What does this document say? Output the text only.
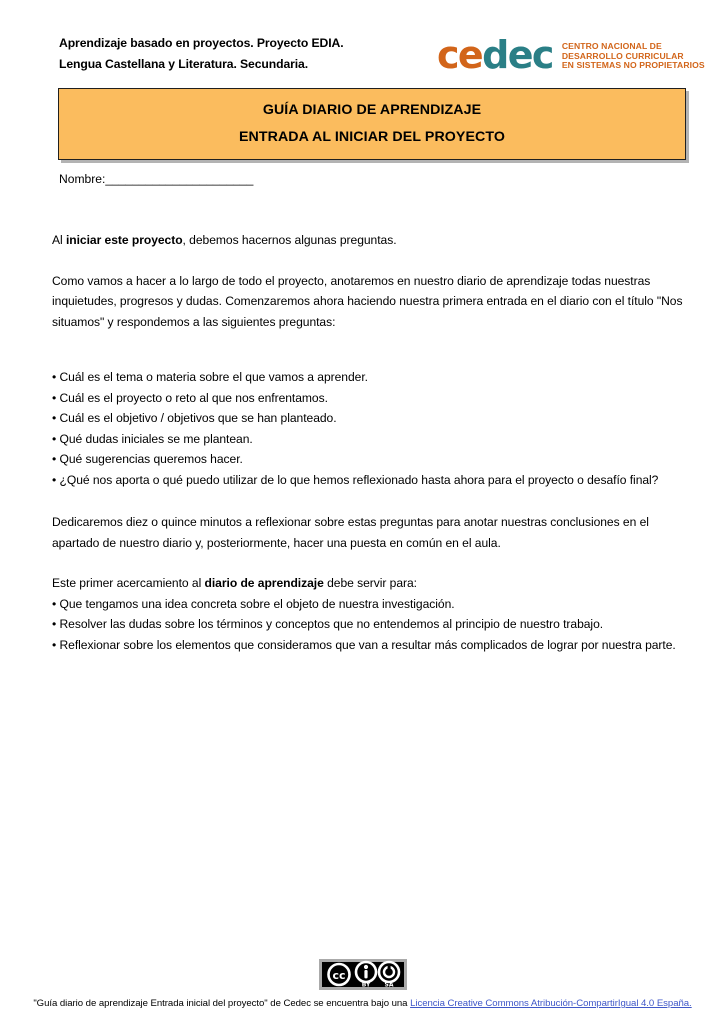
Aprendizaje basado en proyectos. Proyecto EDIA.
Lengua Castellana y Literatura. Secundaria.	cedec CENTRO NACIONAL DE
DESARROLLO CURRICULAR
EN SISTEMAS NO PROPIETARIOS
GUÍA DIARIO DE APRENDIZAJE
ENTRADA AL INICIAR DEL PROYECTO
Nombre:______________________

Al iniciar este proyecto, debemos hacernos algunas preguntas.

Como vamos a hacer a lo largo de todo el proyecto, anotaremos en nuestro diario de aprendizaje todas nuestras inquietudes, progresos y dudas. Comenzaremos ahora haciendo nuestra primera entrada en el diario con el título "Nos situamos" y respondemos a las siguientes preguntas:

• Cuál es el tema o materia sobre el que vamos a aprender.
• Cuál es el proyecto o reto al que nos enfrentamos.
• Cuál es el objetivo / objetivos que se han planteado.
• Qué dudas iniciales se me plantean.
• Qué sugerencias queremos hacer.
• ¿Qué nos aporta o qué puedo utilizar de lo que hemos reflexionado hasta ahora para el proyecto o desafío final?

Dedicaremos diez o quince minutos a reflexionar sobre estas preguntas para anotar nuestras conclusiones en el apartado de nuestro diario y, posteriormente, hacer una puesta en común en el aula.

Este primer acercamiento al diario de aprendizaje debe servir para:

• Que tengamos una idea concreta sobre el objeto de nuestra investigación.
• Resolver las dudas sobre los términos y conceptos que no entendemos al principio de nuestro trabajo.
• Reflexionar sobre los elementos que consideramos que van a resultar más complicados de lograr por nuestra parte.
cc
BY SA
"Guía diario de aprendizaje Entrada inicial del proyecto" de Cedec se encuentra bajo una Licencia Creative Commons Atribución-CompartirIgual 4.0 España.
